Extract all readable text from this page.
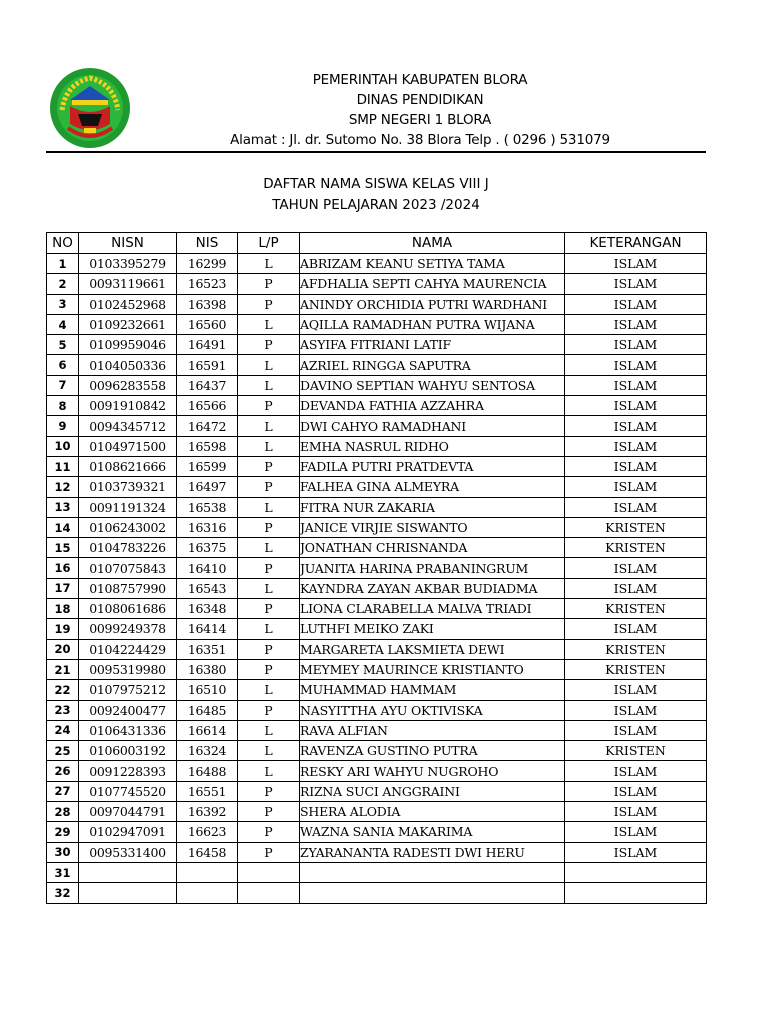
PEMERINTAH KABUPATEN BLORA
DINAS PENDIDIKAN
SMP NEGERI 1 BLORA
Alamat : Jl. dr. Sutomo No. 38 Blora Telp . ( 0296 ) 531079
DAFTAR NAMA SISWA KELAS VIII J
TAHUN PELAJARAN 2023 /2024
NO	NISN	NIS	L/P	NAMA	KETERANGAN
1	0103395279	16299	L	ABRIZAM KEANU SETIYA TAMA	ISLAM
2	0093119661	16523	P	AFDHALIA SEPTI CAHYA MAURENCIA	ISLAM
3	0102452968	16398	P	ANINDY ORCHIDIA PUTRI WARDHANI	ISLAM
4	0109232661	16560	L	AQILLA RAMADHAN PUTRA WIJANA	ISLAM
5	0109959046	16491	P	ASYIFA FITRIANI LATIF	ISLAM
6	0104050336	16591	L	AZRIEL RINGGA SAPUTRA	ISLAM
7	0096283558	16437	L	DAVINO SEPTIAN WAHYU SENTOSA	ISLAM
8	0091910842	16566	P	DEVANDA FATHIA AZZAHRA	ISLAM
9	0094345712	16472	L	DWI CAHYO RAMADHANI	ISLAM
10	0104971500	16598	L	EMHA NASRUL RIDHO	ISLAM
11	0108621666	16599	P	FADILA PUTRI PRATDEVTA	ISLAM
12	0103739321	16497	P	FALHEA GINA ALMEYRA	ISLAM
13	0091191324	16538	L	FITRA NUR ZAKARIA	ISLAM
14	0106243002	16316	P	JANICE VIRJIE SISWANTO	KRISTEN
15	0104783226	16375	L	JONATHAN CHRISNANDA	KRISTEN
16	0107075843	16410	P	JUANITA HARINA PRABANINGRUM	ISLAM
17	0108757990	16543	L	KAYNDRA ZAYAN AKBAR BUDIADMA	ISLAM
18	0108061686	16348	P	LIONA CLARABELLA MALVA TRIADI	KRISTEN
19	0099249378	16414	L	LUTHFI MEIKO ZAKI	ISLAM
20	0104224429	16351	P	MARGARETA LAKSMIETA DEWI	KRISTEN
21	0095319980	16380	P	MEYMEY MAURINCE KRISTIANTO	KRISTEN
22	0107975212	16510	L	MUHAMMAD HAMMAM	ISLAM
23	0092400477	16485	P	NASYITTHA AYU OKTIVISKA	ISLAM
24	0106431336	16614	L	RAVA ALFIAN	ISLAM
25	0106003192	16324	L	RAVENZA GUSTINO PUTRA	KRISTEN
26	0091228393	16488	L	RESKY ARI WAHYU NUGROHO	ISLAM
27	0107745520	16551	P	RIZNA SUCI ANGGRAINI	ISLAM
28	0097044791	16392	P	SHERA ALODIA	ISLAM
29	0102947091	16623	P	WAZNA SANIA MAKARIMA	ISLAM
30	0095331400	16458	P	ZYARANANTA RADESTI DWI HERU	ISLAM
31					
32					
